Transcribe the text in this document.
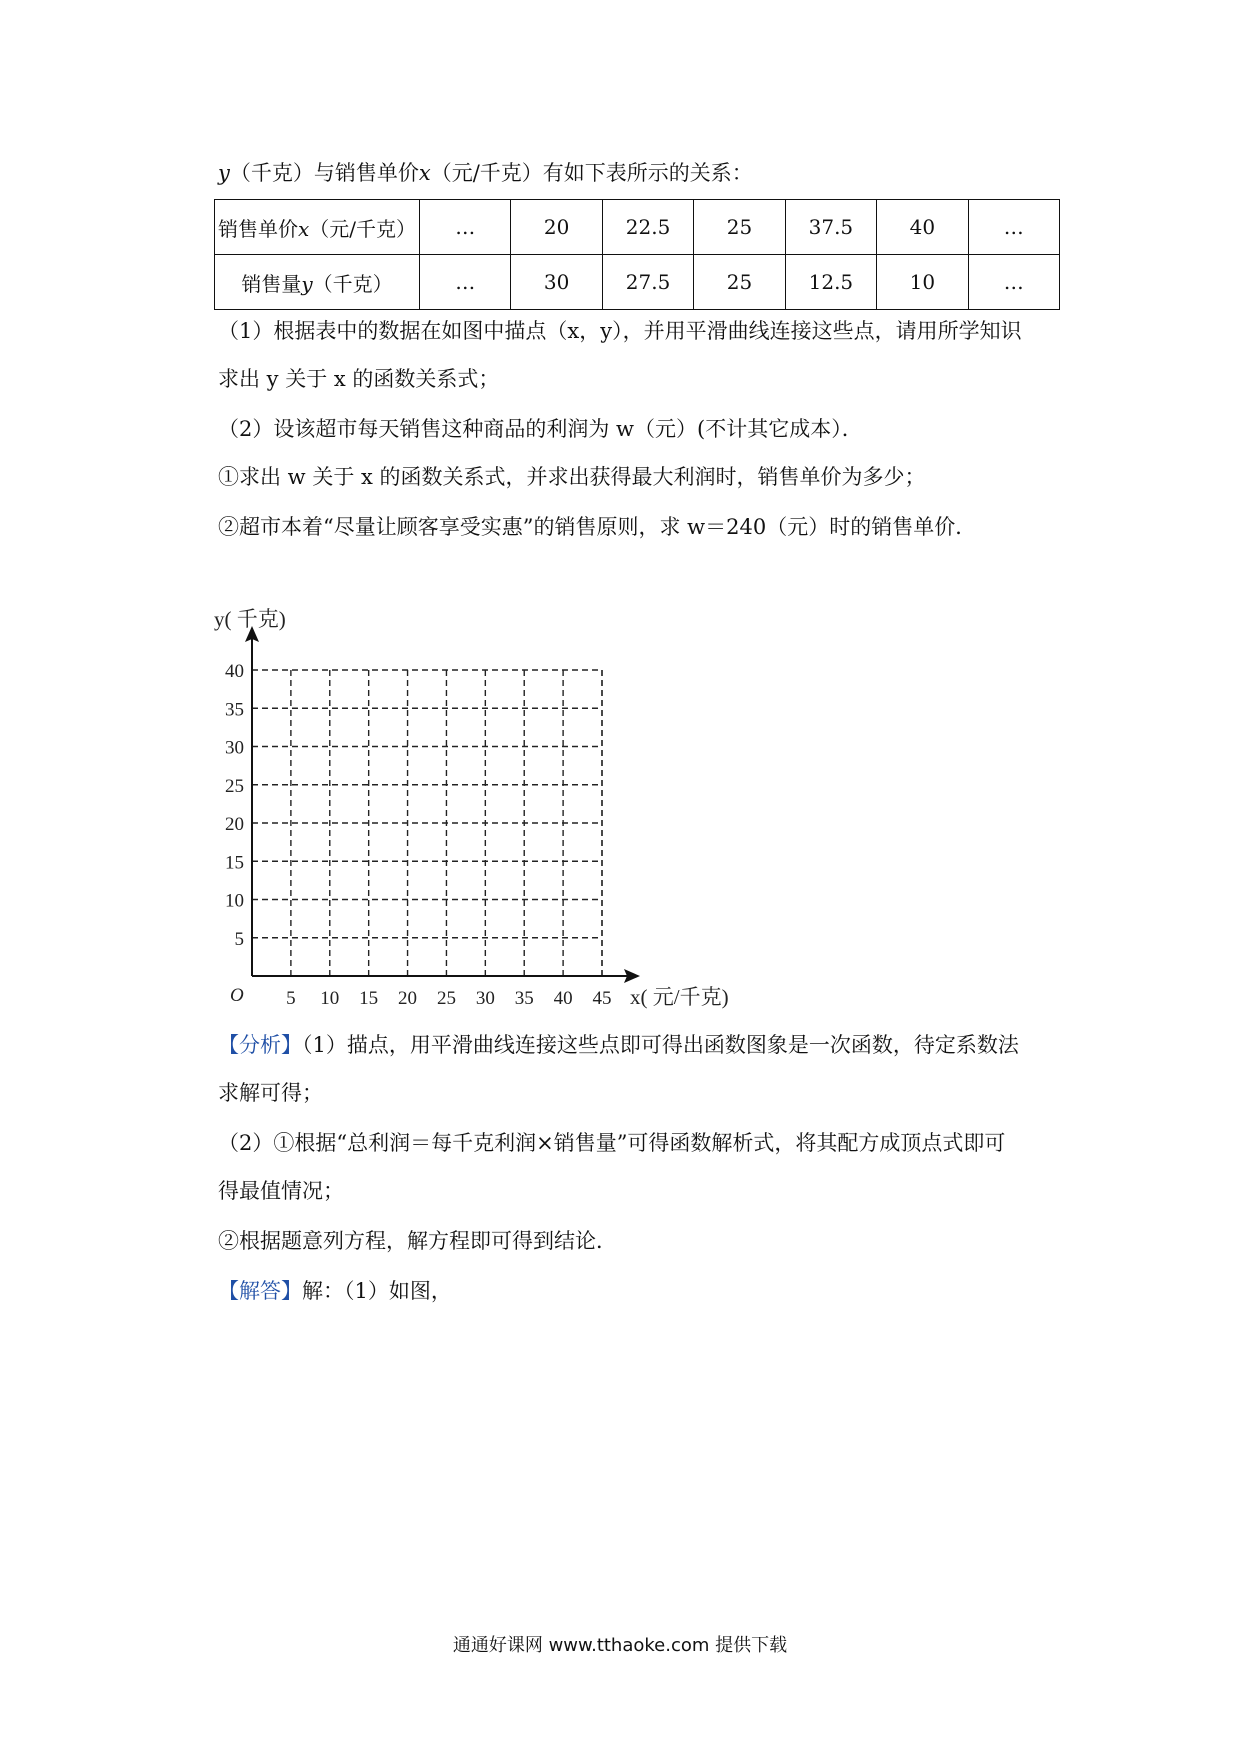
y（千克）与销售单价x（元/千克）有如下表所示的关系：
销售单价x（元/千克）	…	20	22.5	25	37.5	40	…
销售量y（千克）	…	30	27.5	25	12.5	10	…
（1）根据表中的数据在如图中描点（x，y），并用平滑曲线连接这些点，请用所学知识
求出 y 关于 x 的函数关系式；
（2）设该超市每天销售这种商品的利润为 w（元）(不计其它成本）．
①求出 w 关于 x 的函数关系式，并求出获得最大利润时，销售单价为多少；
②超市本着“尽量让顾客享受实惠”的销售原则，求 w＝240（元）时的销售单价．
5 10 15 20 25 30 35 40 45
5
10
15
20
25
30
35
40
y( 千克)
x( 元/千克)
O
【分析】（1）描点，用平滑曲线连接这些点即可得出函数图象是一次函数，待定系数法
求解可得；
（2）①根据“总利润＝每千克利润×销售量”可得函数解析式，将其配方成顶点式即可
得最值情况；
②根据题意列方程，解方程即可得到结论．
【解答】解：（1）如图，
通通好课网 www.tthaoke.com 提供下载
